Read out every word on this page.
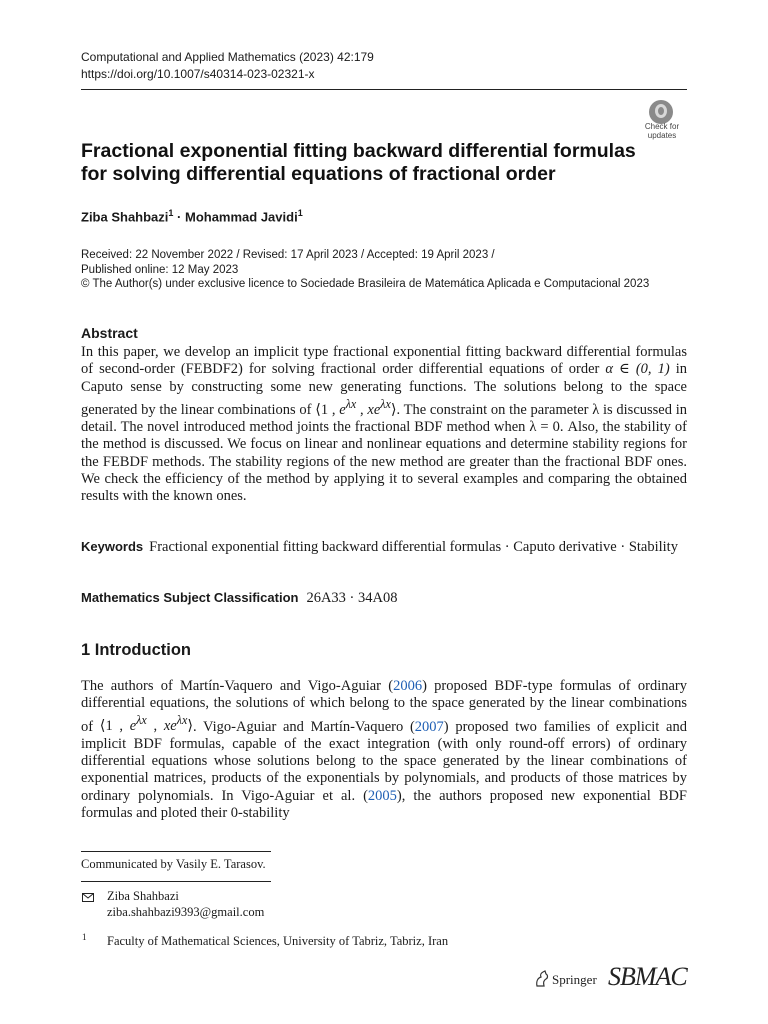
Computational and Applied Mathematics (2023) 42:179
https://doi.org/10.1007/s40314-023-02321-x
Check for
updates
Fractional exponential fitting backward differential formulas
for solving differential equations of fractional order
Ziba Shahbazi$^1$ · Mohammad Javidi$^1$
Received: 22 November 2022 / Revised: 17 April 2023 / Accepted: 19 April 2023 /
Published online: 12 May 2023
© The Author(s) under exclusive licence to Sociedade Brasileira de Matemática Aplicada e Computacional 2023
Abstract
In this paper, we develop an implicit type fractional exponential fitting backward differential formulas of second-order (FEBDF2) for solving fractional order differential equations of order α ∈ (0, 1) in Caputo sense by constructing some new generating functions. The solutions belong to the space generated by the linear combinations of ⟨1 , $e^{\lambda x}$ , $xe^{\lambda x}⟩$. The constraint on the parameter λ is discussed in detail. The novel introduced method joints the fractional BDF method when λ = 0. Also, the stability of the method is discussed. We focus on linear and nonlinear equations and determine stability regions for the FEBDF methods. The stability regions of the new method are greater than the fractional BDF ones. We check the efficiency of the method by applying it to several examples and comparing the obtained results with the known ones.
Keywords Fractional exponential fitting backward differential formulas · Caputo derivative · Stability
Mathematics Subject Classification 26A33 · 34A08
1 Introduction
The authors of Martín-Vaquero and Vigo-Aguiar (2006) proposed BDF-type formulas of ordinary differential equations, the solutions of which belong to the space generated by the linear combinations of ⟨1 , $e^{\lambda x}$ , $xe^{\lambda x}⟩$. Vigo-Aguiar and Martín-Vaquero (2007) proposed two families of explicit and implicit BDF formulas, capable of the exact integration (with only round-off errors) of ordinary differential equations whose solutions belong to the space generated by the linear combinations of exponential matrices, products of the exponentials by polynomials, and products of those matrices by ordinary polynomials. In Vigo-Aguiar et al. (2005), the authors proposed new exponential BDF formulas and ploted their 0-stability
Communicated by Vasily E. Tarasov.
Ziba Shahbazi
ziba.shahbazi9393@gmail.com
1 Faculty of Mathematical Sciences, University of Tabriz, Tabriz, Iran
Springer SBMAC
